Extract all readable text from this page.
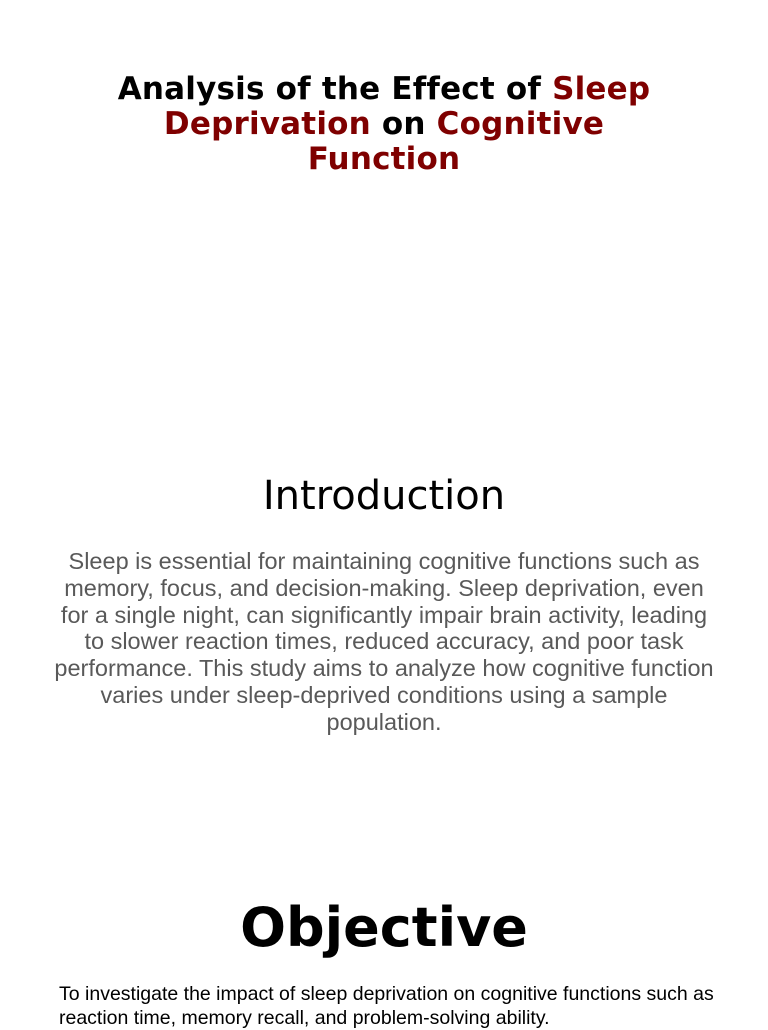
Analysis of the Effect of Sleep Deprivation on Cognitive Function
Introduction

Sleep is essential for maintaining cognitive functions such as memory, focus, and decision-making. Sleep deprivation, even for a single night, can significantly impair brain activity, leading to slower reaction times, reduced accuracy, and poor task performance. This study aims to analyze how cognitive function varies under sleep-deprived conditions using a sample population.

Objective

To investigate the impact of sleep deprivation on cognitive functions such as reaction time, memory recall, and problem-solving ability.
